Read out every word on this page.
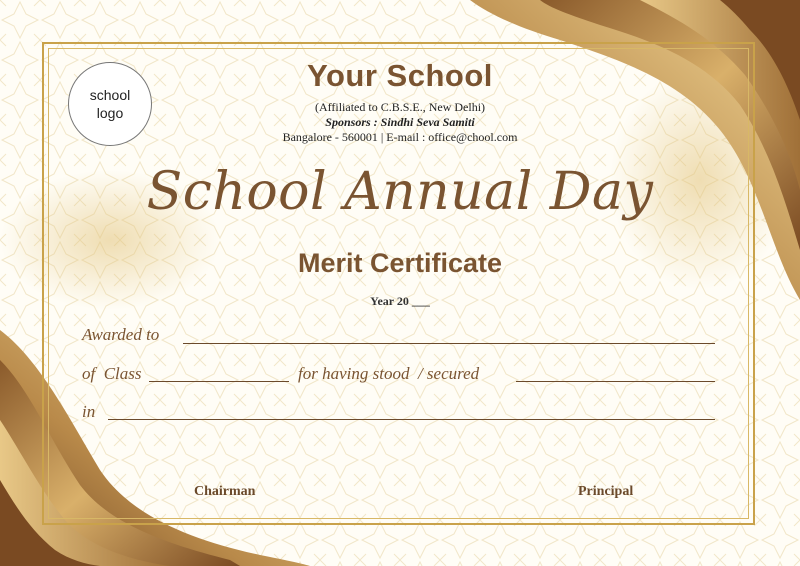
school logo
Your School
(Affiliated to C.B.S.E., New Delhi)
Sponsors : Sindhi Seva Samiti
Bangalore - 560001 | E-mail : office@chool.com
School Annual Day
Merit Certificate
Year 20 ___
Awarded to
of  Class	for having stood  / secured
in
Chairman	Principal
